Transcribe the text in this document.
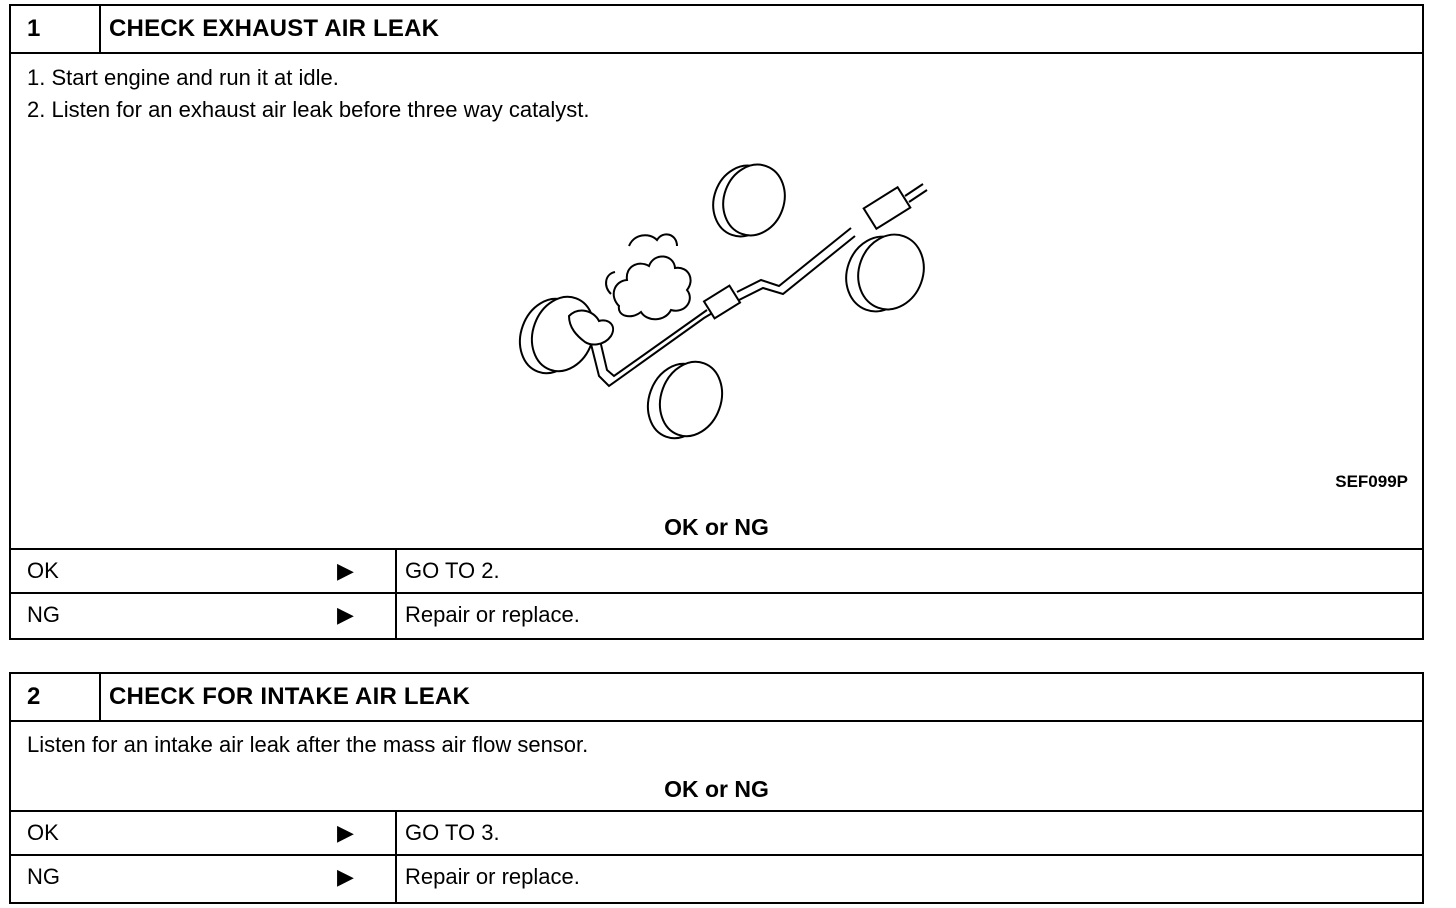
1	CHECK EXHAUST AIR LEAK
1. Start engine and run it at idle.
2. Listen for an exhaust air leak before three way catalyst.
SEF099P
OK or NG
OK	▶	GO TO 2.
NG	▶	Repair or replace.
2	CHECK FOR INTAKE AIR LEAK
Listen for an intake air leak after the mass air flow sensor.
OK or NG
OK	▶	GO TO 3.
NG	▶	Repair or replace.
